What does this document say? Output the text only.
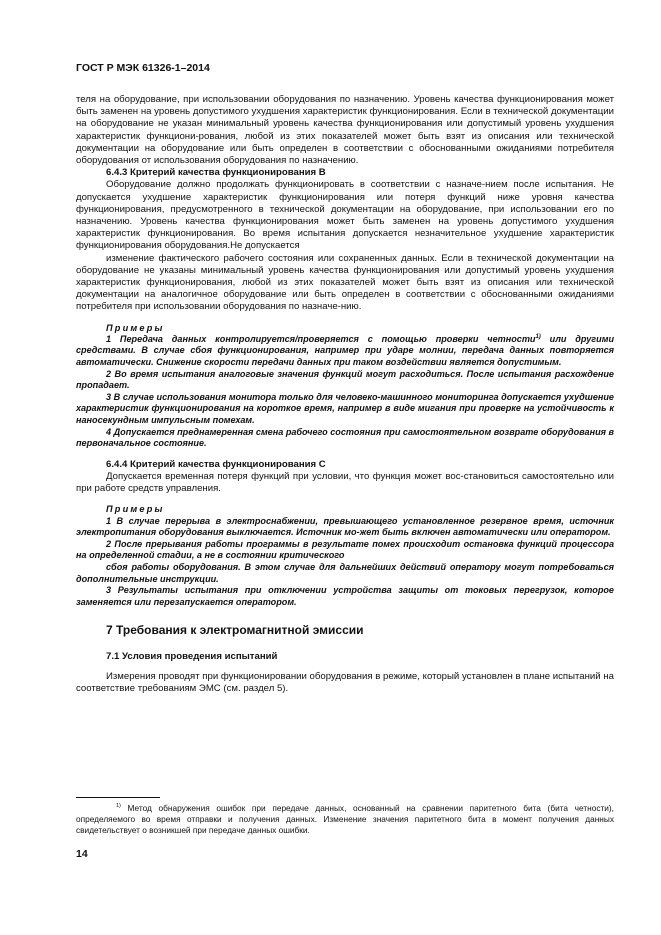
ГОСТ Р МЭК 61326-1–2014

теля на оборудование, при использовании оборудования по назначению. Уровень качества функционирования может быть заменен на уровень допустимого ухудшения характеристик функционирования. Если в технической документации на оборудование не указан минимальный уровень качества функционирования или допустимый уровень ухудшения характеристик функциони-рования, любой из этих показателей может быть взят из описания или технической документации на оборудование или быть определен в соответствии с обоснованными ожиданиями потребителя оборудования от использования оборудования по назначению.

6.4.3 Критерий качества функционирования B

Оборудование должно продолжать функционировать в соответствии с назначе-нием после испытания. Не допускается ухудшение характеристик функционирования или потеря функций ниже уровня качества функционирования, предусмотренного в технической документации на оборудование, при использовании его по назначению. Уровень качества функционирования может быть заменен на уровень допустимого ухудшения характеристик функционирования. Во время испытания допускается незначительное ухудшение характеристик функционирования оборудования.Не допускается

изменение фактического рабочего состояния или сохраненных данных. Если в технической документации на оборудование не указаны минимальный уровень качества функционирования или допустимый уровень ухудшения характеристик функционирования, любой из этих показателей может быть взят из описания или технической документации на аналогичное оборудование или быть определен в соответствии с обоснованными ожиданиями потребителя при использовании оборудования по назначе-нию.

Примеры

1 Передача данных контролируется/проверяется с помощью проверки четности$^{1)}$ или другими средствами. В случае сбоя функционирования, например при ударе молнии, передача данных повторяется автоматически. Снижение скорости передачи данных при таком воздействии является допустимым.

2 Во время испытания аналоговые значения функций могут расходиться. После испытания расхождение пропадает.

3 В случае использования монитора только для человеко-машинного мониторинга допускается ухудшение характеристик функционирования на короткое время, например в виде мигания при проверке на устойчивость к наносекундным импульсным помехам.

4 Допускается преднамеренная смена рабочего состояния при самостоятельном возврате оборудования в первоначальное состояние.

6.4.4 Критерий качества функционирования C

Допускается временная потеря функций при условии, что функция может вос-становиться самостоятельно или при работе средств управления.

Примеры

1 В случае перерыва в электроснабжении, превышающего установленное резервное время, источник электропитания оборудования выключается. Источник мо-жет быть включен автоматически или оператором.

2 После прерывания работы программы в результате помех происходит остановка функций процессора на определенной стадии, а не в состоянии критического

сбоя работы оборудования. В этом случае для дальнейших действий оператору могут потребоваться дополнительные инструкции.

3 Результаты испытания при отключении устройства защиты от токовых перегрузок, которое заменяется или перезапускается оператором.

7 Требования к электромагнитной эмиссии

7.1 Условия проведения испытаний

Измерения проводят при функционировании оборудования в режиме, который установлен в плане испытаний на соответствие требованиям ЭМС (см. раздел 5).

$^{1)}$ Метод обнаружения ошибок при передаче данных, основанный на сравнении паритетного бита (бита четности), определяемого во время отправки и получения данных. Изменение значения паритетного бита в момент получения данных свидетельствует о возникшей при передаче данных ошибки.

14
